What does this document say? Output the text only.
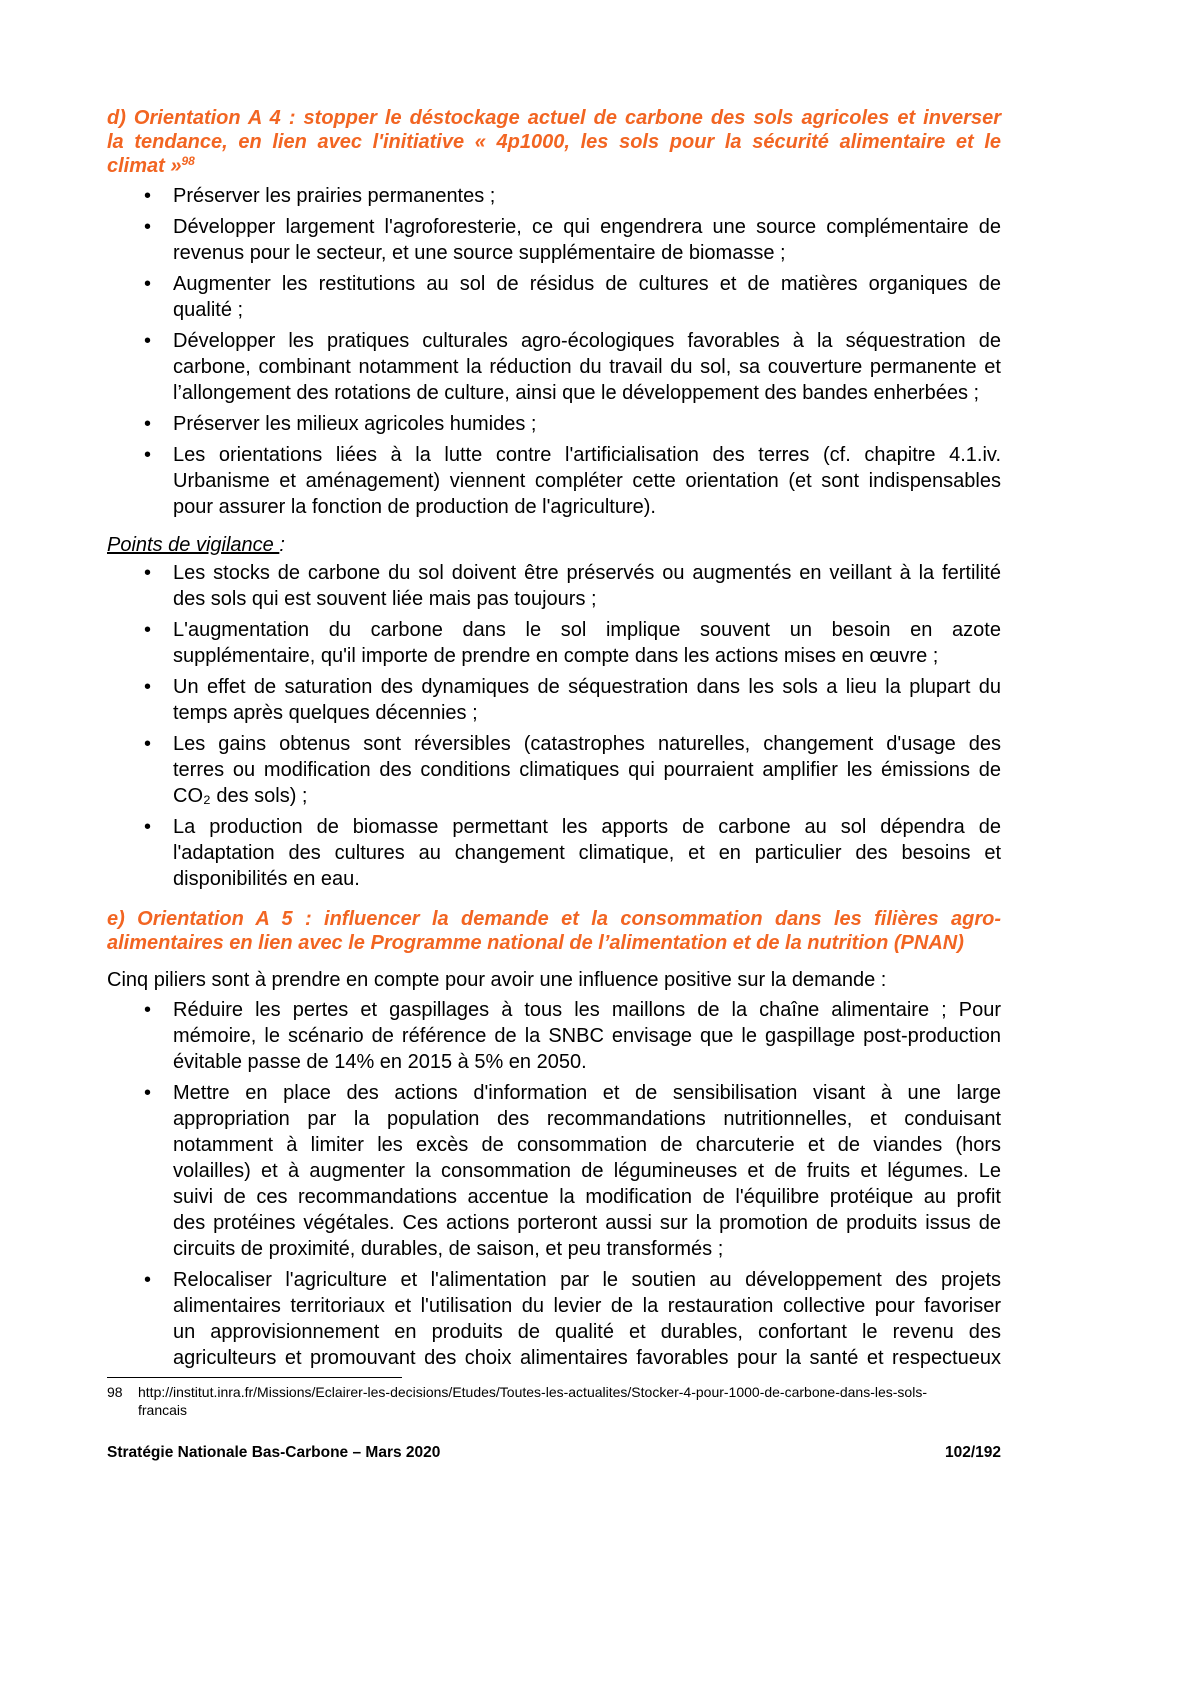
d) Orientation A 4 : stopper le déstockage actuel de carbone des sols agricoles et inverser
la tendance, en lien avec l'initiative « 4p1000, les sols pour la sécurité alimentaire et le
climat »$^{98}$
• Préserver les prairies permanentes ;
• Développer largement l'agroforesterie, ce qui engendrera une source complémentaire de
revenus pour le secteur, et une source supplémentaire de biomasse ;
• Augmenter les restitutions au sol de résidus de cultures et de matières organiques de
qualité ;
• Développer les pratiques culturales agro-écologiques favorables à la séquestration de
carbone, combinant notamment la réduction du travail du sol, sa couverture permanente et
l’allongement des rotations de culture, ainsi que le développement des bandes enherbées ;
• Préserver les milieux agricoles humides ;
• Les orientations liées à la lutte contre l'artificialisation des terres (cf. chapitre 4.1.iv.
Urbanisme et aménagement) viennent compléter cette orientation (et sont indispensables
pour assurer la fonction de production de l'agriculture).
Points de vigilance :
• Les stocks de carbone du sol doivent être préservés ou augmentés en veillant à la fertilité
des sols qui est souvent liée mais pas toujours ;
• L'augmentation du carbone dans le sol implique souvent un besoin en azote
supplémentaire, qu'il importe de prendre en compte dans les actions mises en œuvre ;
• Un effet de saturation des dynamiques de séquestration dans les sols a lieu la plupart du
temps après quelques décennies ;
• Les gains obtenus sont réversibles (catastrophes naturelles, changement d'usage des
terres ou modification des conditions climatiques qui pourraient amplifier les émissions de
CO₂ des sols) ;
• La production de biomasse permettant les apports de carbone au sol dépendra de
l'adaptation des cultures au changement climatique, et en particulier des besoins et
disponibilités en eau.
e) Orientation A 5 : influencer la demande et la consommation dans les filières agro-
alimentaires en lien avec le Programme national de l’alimentation et de la nutrition (PNAN)
Cinq piliers sont à prendre en compte pour avoir une influence positive sur la demande :
• Réduire les pertes et gaspillages à tous les maillons de la chaîne alimentaire ; Pour
mémoire, le scénario de référence de la SNBC envisage que le gaspillage post-production
évitable passe de 14% en 2015 à 5% en 2050.
• Mettre en place des actions d'information et de sensibilisation visant à une large
appropriation par la population des recommandations nutritionnelles, et conduisant
notamment à limiter les excès de consommation de charcuterie et de viandes (hors
volailles) et à augmenter la consommation de légumineuses et de fruits et légumes. Le
suivi de ces recommandations accentue la modification de l'équilibre protéique au profit
des protéines végétales. Ces actions porteront aussi sur la promotion de produits issus de
circuits de proximité, durables, de saison, et peu transformés ;
• Relocaliser l'agriculture et l'alimentation par le soutien au développement des projets
alimentaires territoriaux et l'utilisation du levier de la restauration collective pour favoriser
un approvisionnement en produits de qualité et durables, confortant le revenu des
agriculteurs et promouvant des choix alimentaires favorables pour la santé et respectueux
98 http://institut.inra.fr/Missions/Eclairer-les-decisions/Etudes/Toutes-les-actualites/Stocker-4-pour-1000-de-carbone-dans-les-sols-
francais
Stratégie Nationale Bas-Carbone – Mars 2020	102/192
